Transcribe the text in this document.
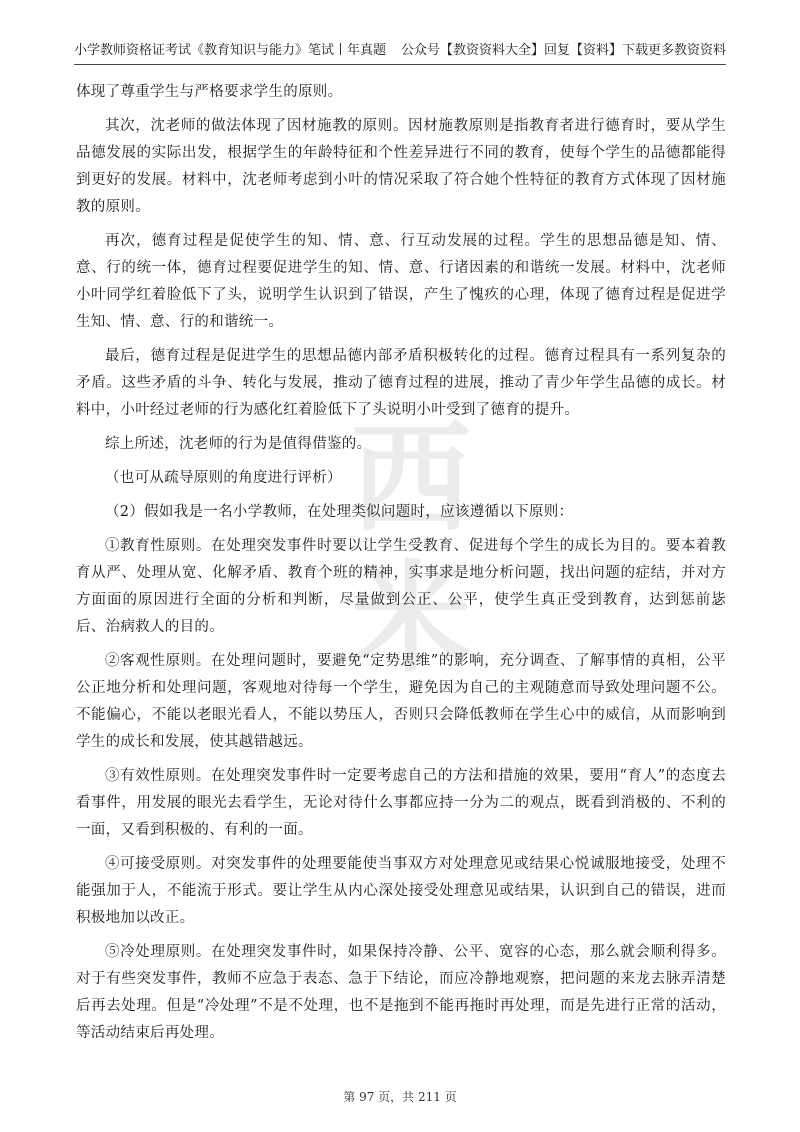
小学教师资格证考试《教育知识与能力》笔试丨年真题 公众号【教资资料大全】回复【资料】下载更多教资资料
西米

体现了尊重学生与严格要求学生的原则。

其次，沈老师的做法体现了因材施教的原则。因材施教原则是指教育者进行德育时，要从学生品德发展的实际出发，根据学生的年龄特征和个性差异进行不同的教育，使每个学生的品德都能得到更好的发展。材料中，沈老师考虑到小叶的情况采取了符合她个性特征的教育方式体现了因材施教的原则。

再次，德育过程是促使学生的知、情、意、行互动发展的过程。学生的思想品德是知、情、意、行的统一体，德育过程要促进学生的知、情、意、行诸因素的和谐统一发展。材料中，沈老师小叶同学红着脸低下了头，说明学生认识到了错误，产生了愧疚的心理，体现了德育过程是促进学生知、情、意、行的和谐统一。

最后，德育过程是促进学生的思想品德内部矛盾积极转化的过程。德育过程具有一系列复杂的矛盾。这些矛盾的斗争、转化与发展，推动了德育过程的进展，推动了青少年学生品德的成长。材料中，小叶经过老师的行为感化红着脸低下了头说明小叶受到了德育的提升。

综上所述，沈老师的行为是值得借鉴的。

（也可从疏导原则的角度进行评析）

（2）假如我是一名小学教师，在处理类似问题时，应该遵循以下原则：

①教育性原则。在处理突发事件时要以让学生受教育、促进每个学生的成长为目的。要本着教育从严、处理从宽、化解矛盾、教育个班的精神，实事求是地分析问题，找出问题的症结，并对方方面面的原因进行全面的分析和判断，尽量做到公正、公平，使学生真正受到教育，达到惩前毖后、治病救人的目的。

②客观性原则。在处理问题时，要避免“定势思维”的影响，充分调查、了解事情的真相，公平公正地分析和处理问题，客观地对待每一个学生，避免因为自己的主观随意而导致处理问题不公。不能偏心，不能以老眼光看人，不能以势压人，否则只会降低教师在学生心中的威信，从而影响到学生的成长和发展，使其越错越远。

③有效性原则。在处理突发事件时一定要考虑自己的方法和措施的效果，要用“育人”的态度去看事件，用发展的眼光去看学生，无论对待什么事都应持一分为二的观点，既看到消极的、不利的一面，又看到积极的、有利的一面。

④可接受原则。对突发事件的处理要能使当事双方对处理意见或结果心悦诚服地接受，处理不能强加于人，不能流于形式。要让学生从内心深处接受处理意见或结果，认识到自己的错误，进而积极地加以改正。

⑤冷处理原则。在处理突发事件时，如果保持冷静、公平、宽容的心态，那么就会顺利得多。对于有些突发事件，教师不应急于表态、急于下结论，而应冷静地观察，把问题的来龙去脉弄清楚后再去处理。但是“冷处理”不是不处理，也不是拖到不能再拖时再处理，而是先进行正常的活动，等活动结束后再处理。

第 97 页，共 211 页
